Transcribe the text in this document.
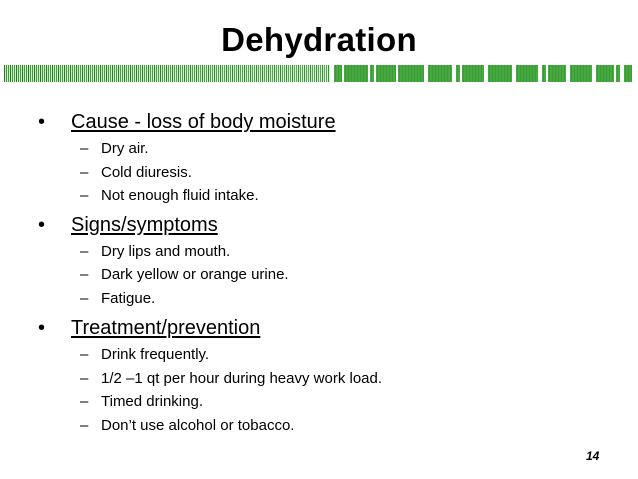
Dehydration
•	Cause - loss of body moisture
– Dry air.
– Cold diuresis.
– Not enough fluid intake.
•	Signs/symptoms
– Dry lips and mouth.
– Dark yellow or orange urine.
– Fatigue.
•	Treatment/prevention
– Drink frequently.
– 1/2 –1 qt per hour during heavy work load.
– Timed drinking.
– Don’t use alcohol or tobacco.
14
